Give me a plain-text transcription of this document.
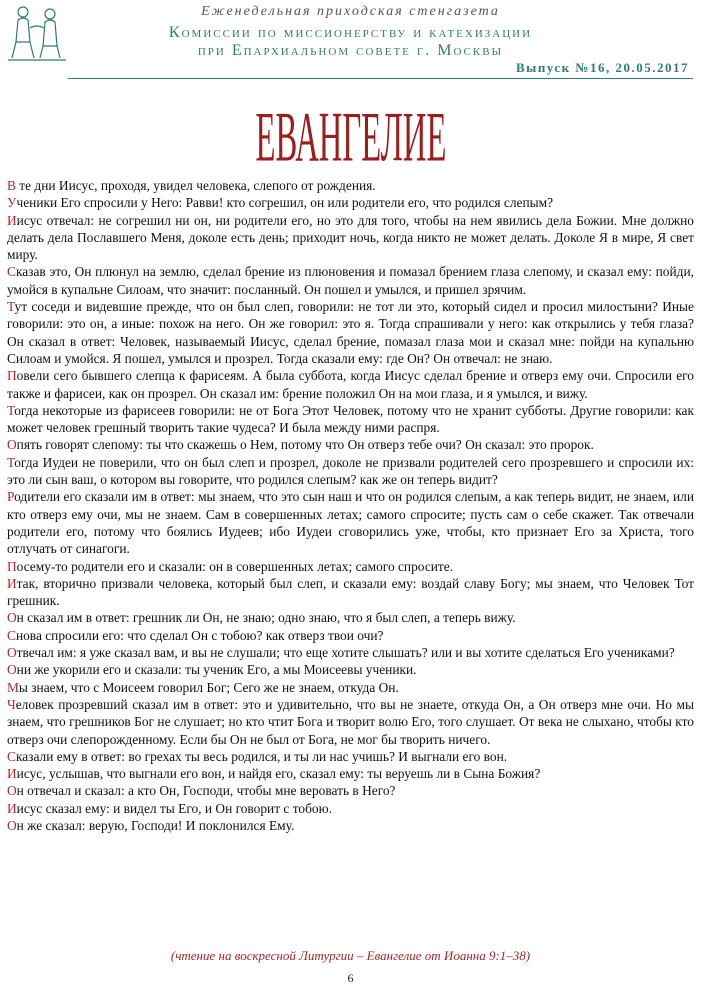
Еженедельная приходская стенгазета
Комиссии по миссионерству и катехизации
при Епархиальном совете г. Москвы
Выпуск №16, 20.05.2017
ЕВАНГЕЛИЕ

В те дни Иисус, проходя, увидел человека, слепого от рождения.

Ученики Его спросили у Него: Равви! кто согрешил, он или родители его, что родился слепым?

Иисус отвечал: не согрешил ни он, ни родители его, но это для того, чтобы на нем явились дела Божии. Мне должно делать дела Пославшего Меня, доколе есть день; приходит ночь, когда никто не может делать. Доколе Я в мире, Я свет миру.

Сказав это, Он плюнул на землю, сделал брение из плюновения и помазал брением глаза слепому, и сказал ему: пойди, умойся в купальне Силоам, что значит: посланный. Он пошел и умылся, и пришел зрячим.

Тут соседи и видевшие прежде, что он был слеп, говорили: не тот ли это, который сидел и просил милостыни? Иные говорили: это он, а иные: похож на него. Он же говорил: это я. Тогда спрашивали у него: как открылись у тебя глаза? Он сказал в ответ: Человек, называемый Иисус, сделал брение, помазал глаза мои и сказал мне: пойди на купальню Силоам и умойся. Я пошел, умылся и прозрел. Тогда сказали ему: где Он? Он отвечал: не знаю.

Повели сего бывшего слепца к фарисеям. А была суббота, когда Иисус сделал брение и отверз ему очи. Спросили его также и фарисеи, как он прозрел. Он сказал им: брение положил Он на мои глаза, и я умылся, и вижу.

Тогда некоторые из фарисеев говорили: не от Бога Этот Человек, потому что не хранит субботы. Другие говорили: как может человек грешный творить такие чудеса? И была между ними распря.

Опять говорят слепому: ты что скажешь о Нем, потому что Он отверз тебе очи? Он сказал: это пророк.

Тогда Иудеи не поверили, что он был слеп и прозрел, доколе не призвали родителей сего прозревшего и спросили их: это ли сын ваш, о котором вы говорите, что родился слепым? как же он теперь видит?

Родители его сказали им в ответ: мы знаем, что это сын наш и что он родился слепым, а как теперь видит, не знаем, или кто отверз ему очи, мы не знаем. Сам в совершенных летах; самого спросите; пусть сам о себе скажет. Так отвечали родители его, потому что боялись Иудеев; ибо Иудеи сговорились уже, чтобы, кто признает Его за Христа, того отлучать от синагоги.

Посему-то родители его и сказали: он в совершенных летах; самого спросите.

Итак, вторично призвали человека, который был слеп, и сказали ему: воздай славу Богу; мы знаем, что Человек Тот грешник.

Он сказал им в ответ: грешник ли Он, не знаю; одно знаю, что я был слеп, а теперь вижу.

Снова спросили его: что сделал Он с тобою? как отверз твои очи?

Отвечал им: я уже сказал вам, и вы не слушали; что еще хотите слышать? или и вы хотите сделаться Его учениками?

Они же укорили его и сказали: ты ученик Его, а мы Моисеевы ученики.

Мы знаем, что с Моисеем говорил Бог; Сего же не знаем, откуда Он.

Человек прозревший сказал им в ответ: это и удивительно, что вы не знаете, откуда Он, а Он отверз мне очи. Но мы знаем, что грешников Бог не слушает; но кто чтит Бога и творит волю Его, того слушает. От века не слыхано, чтобы кто отверз очи слепорожденному. Если бы Он не был от Бога, не мог бы творить ничего.

Сказали ему в ответ: во грехах ты весь родился, и ты ли нас учишь? И выгнали его вон.

Иисус, услышав, что выгнали его вон, и найдя его, сказал ему: ты веруешь ли в Сына Божия?

Он отвечал и сказал: а кто Он, Господи, чтобы мне веровать в Него?

Иисус сказал ему: и видел ты Его, и Он говорит с тобою.

Он же сказал: верую, Господи! И поклонился Ему.

(чтение на воскресной Литургии – Евангелие от Иоанна 9:1–38)
6
